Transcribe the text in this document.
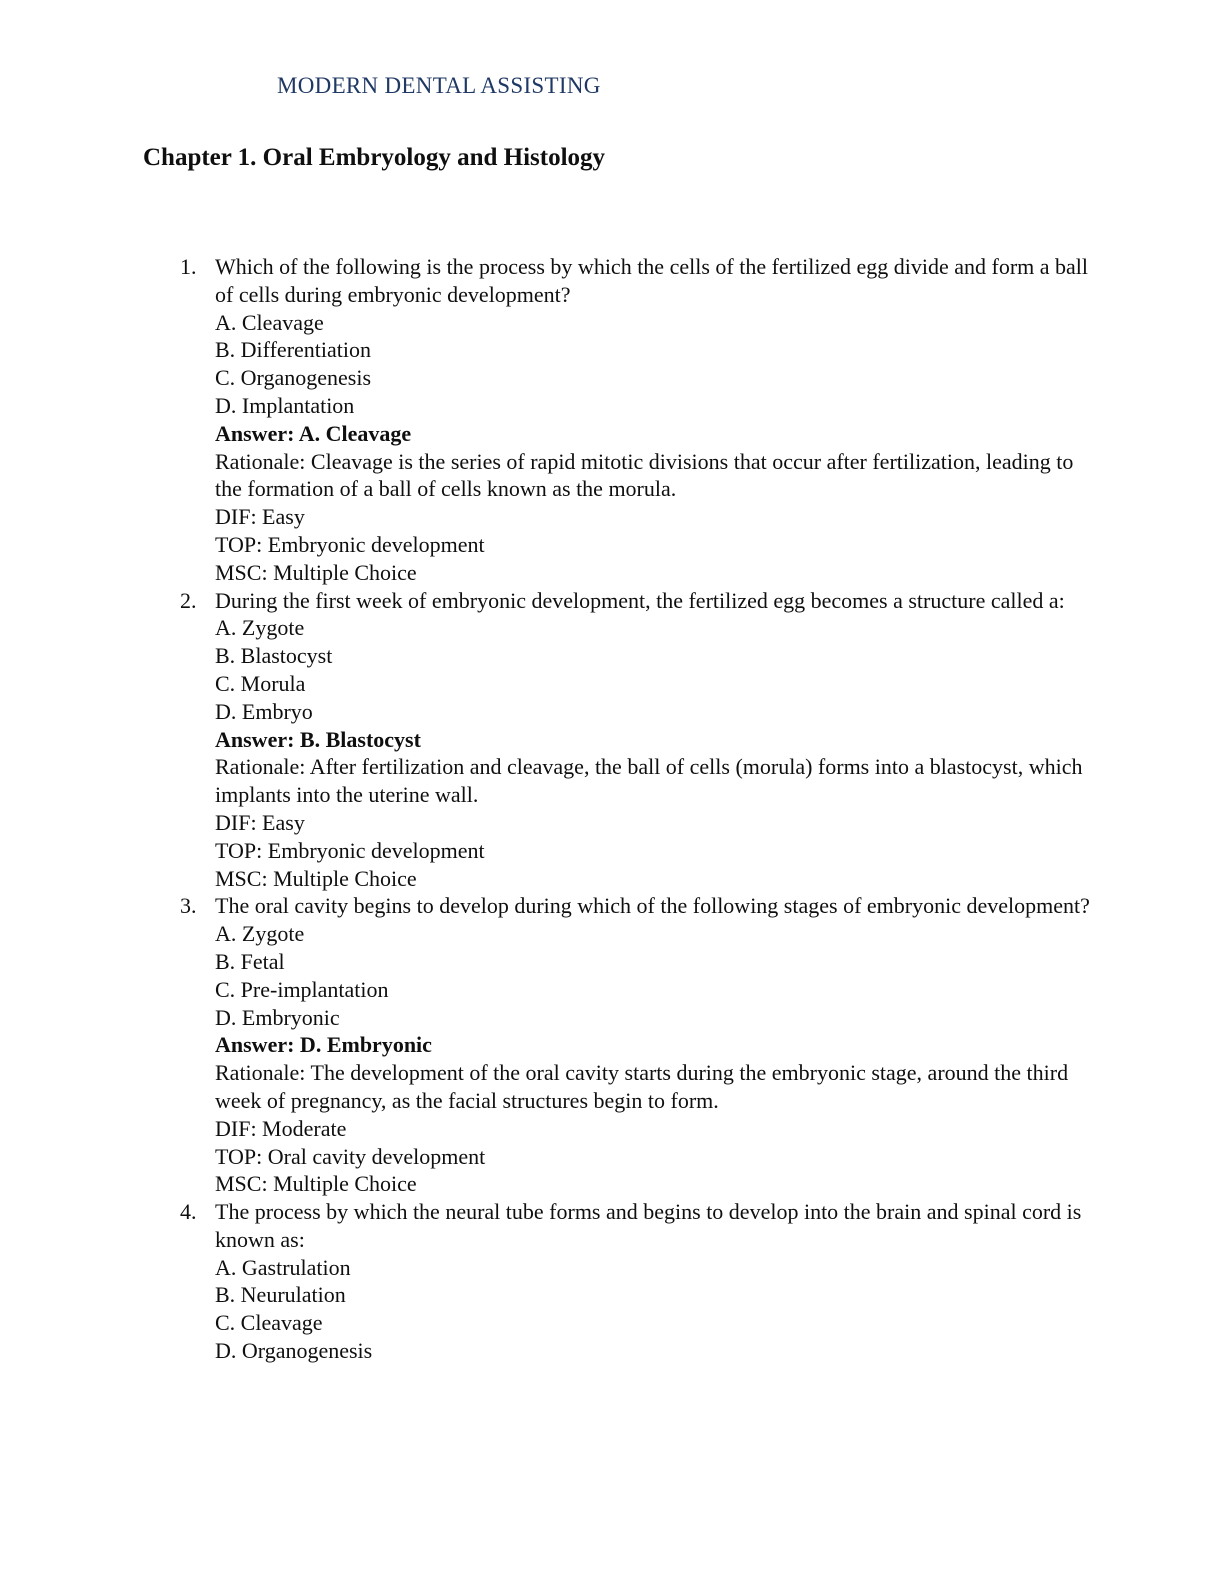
MODERN DENTAL ASSISTING
Chapter 1. Oral Embryology and Histology
1. Which of the following is the process by which the cells of the fertilized egg divide and form a ball of cells during embryonic development?
A. Cleavage
B. Differentiation
C. Organogenesis
D. Implantation
Answer: A. Cleavage
Rationale: Cleavage is the series of rapid mitotic divisions that occur after fertilization, leading to the formation of a ball of cells known as the morula.
DIF: Easy
TOP: Embryonic development
MSC: Multiple Choice
2. During the first week of embryonic development, the fertilized egg becomes a structure called a:
A. Zygote
B. Blastocyst
C. Morula
D. Embryo
Answer: B. Blastocyst
Rationale: After fertilization and cleavage, the ball of cells (morula) forms into a blastocyst, which implants into the uterine wall.
DIF: Easy
TOP: Embryonic development
MSC: Multiple Choice
3. The oral cavity begins to develop during which of the following stages of embryonic development?
A. Zygote
B. Fetal
C. Pre-implantation
D. Embryonic
Answer: D. Embryonic
Rationale: The development of the oral cavity starts during the embryonic stage, around the third week of pregnancy, as the facial structures begin to form.
DIF: Moderate
TOP: Oral cavity development
MSC: Multiple Choice
4. The process by which the neural tube forms and begins to develop into the brain and spinal cord is known as:
A. Gastrulation
B. Neurulation
C. Cleavage
D. Organogenesis
